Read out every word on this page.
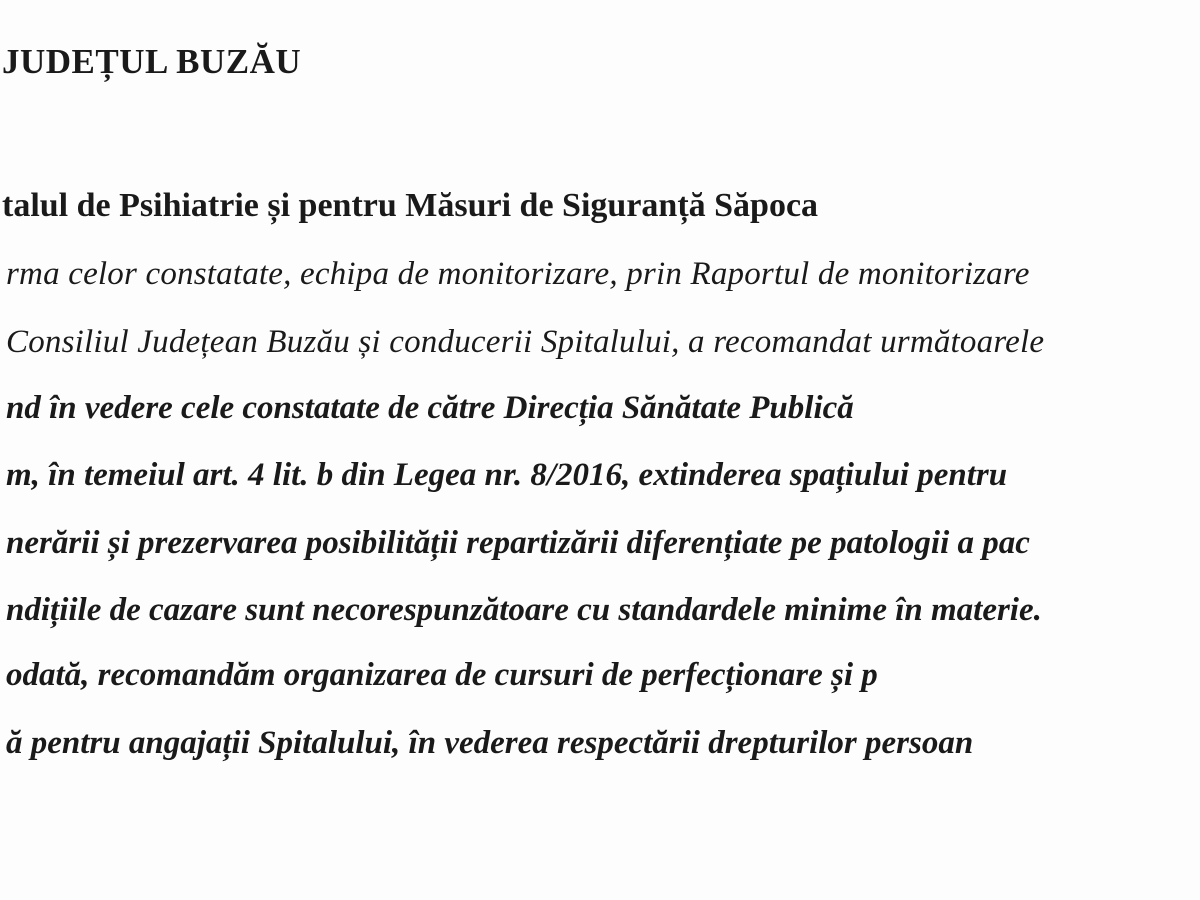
JUDEȚUL BUZĂU
talul de Psihiatrie și pentru Măsuri de Siguranță Săpoca
rma celor constatate, echipa de monitorizare, prin Raportul de monitorizare
Consiliul Județean Buzău și conducerii Spitalului, a recomandat următoarele
nd în vedere cele constatate de către Direcția Sănătate Publică
m, în temeiul art. 4 lit. b din Legea nr. 8/2016, extinderea spațiului pentru
nerării și prezervarea posibilității repartizării diferențiate pe patologii a pac
ndițiile de cazare sunt necorespunzătoare cu standardele minime în materie.
odată, recomandăm organizarea de cursuri de perfecționare și p
ă pentru angajații Spitalului, în vederea respectării drepturilor persoan
